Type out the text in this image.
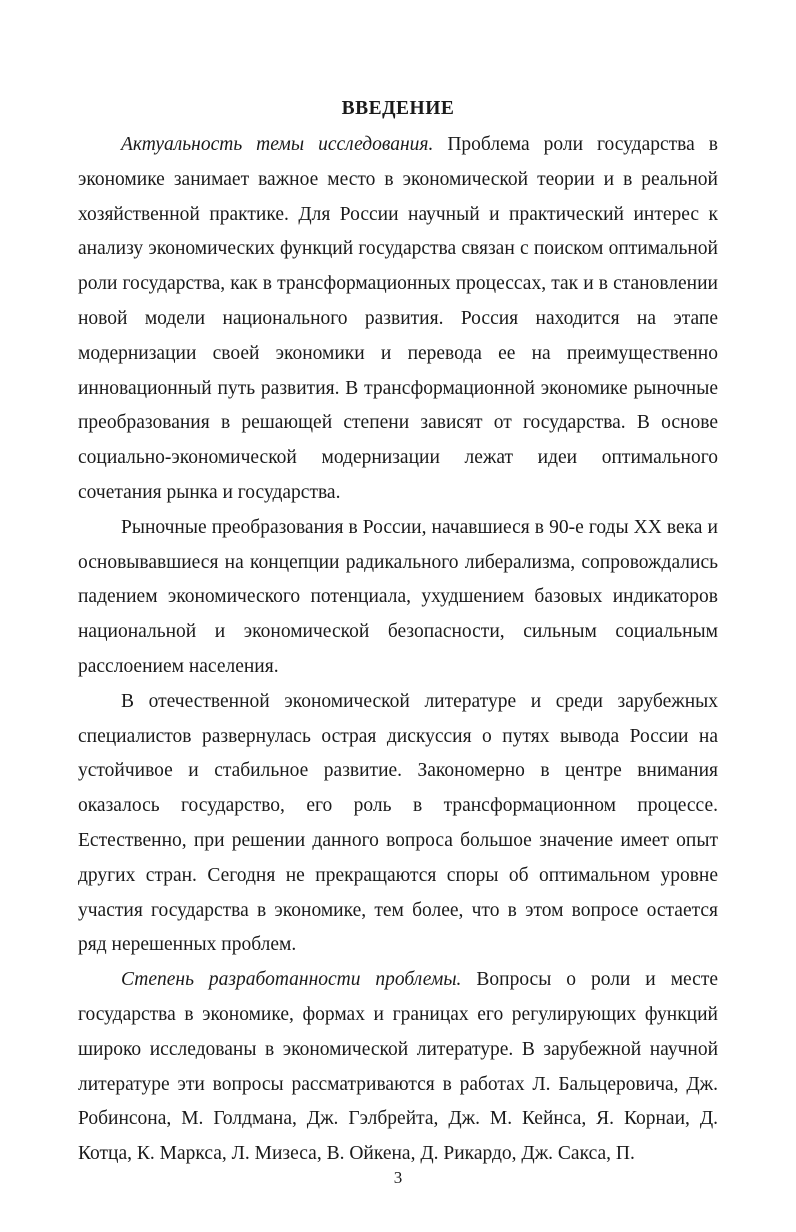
ВВЕДЕНИЕ

Актуальность темы исследования. Проблема роли государства в экономике занимает важное место в экономической теории и в реальной хозяйственной практике. Для России научный и практический интерес к анализу экономических функций государства связан с поиском оптимальной роли государства, как в трансформационных процессах, так и в становлении новой модели национального развития. Россия находится на этапе модернизации своей экономики и перевода ее на преимущественно инновационный путь развития. В трансформационной экономике рыночные преобразования в решающей степени зависят от государства. В основе социально-экономической модернизации лежат идеи оптимального сочетания рынка и государства.

Рыночные преобразования в России, начавшиеся в 90-е годы XX века и основывавшиеся на концепции радикального либерализма, сопровождались падением экономического потенциала, ухудшением базовых индикаторов национальной и экономической безопасности, сильным социальным расслоением населения.

В отечественной экономической литературе и среди зарубежных специалистов развернулась острая дискуссия о путях вывода России на устойчивое и стабильное развитие. Закономерно в центре внимания оказалось государство, его роль в трансформационном процессе. Естественно, при решении данного вопроса большое значение имеет опыт других стран. Сегодня не прекращаются споры об оптимальном уровне участия государства в экономике, тем более, что в этом вопросе остается ряд нерешенных проблем.

Степень разработанности проблемы. Вопросы о роли и месте государства в экономике, формах и границах его регулирующих функций широко исследованы в экономической литературе. В зарубежной научной литературе эти вопросы рассматриваются в работах Л. Бальцеровича, Дж. Робинсона, М. Голдмана, Дж. Гэлбрейта, Дж. М. Кейнса, Я. Корнаи, Д. Котца, К. Маркса, Л. Мизеса, В. Ойкена, Д. Рикардо, Дж. Сакса, П.

3
